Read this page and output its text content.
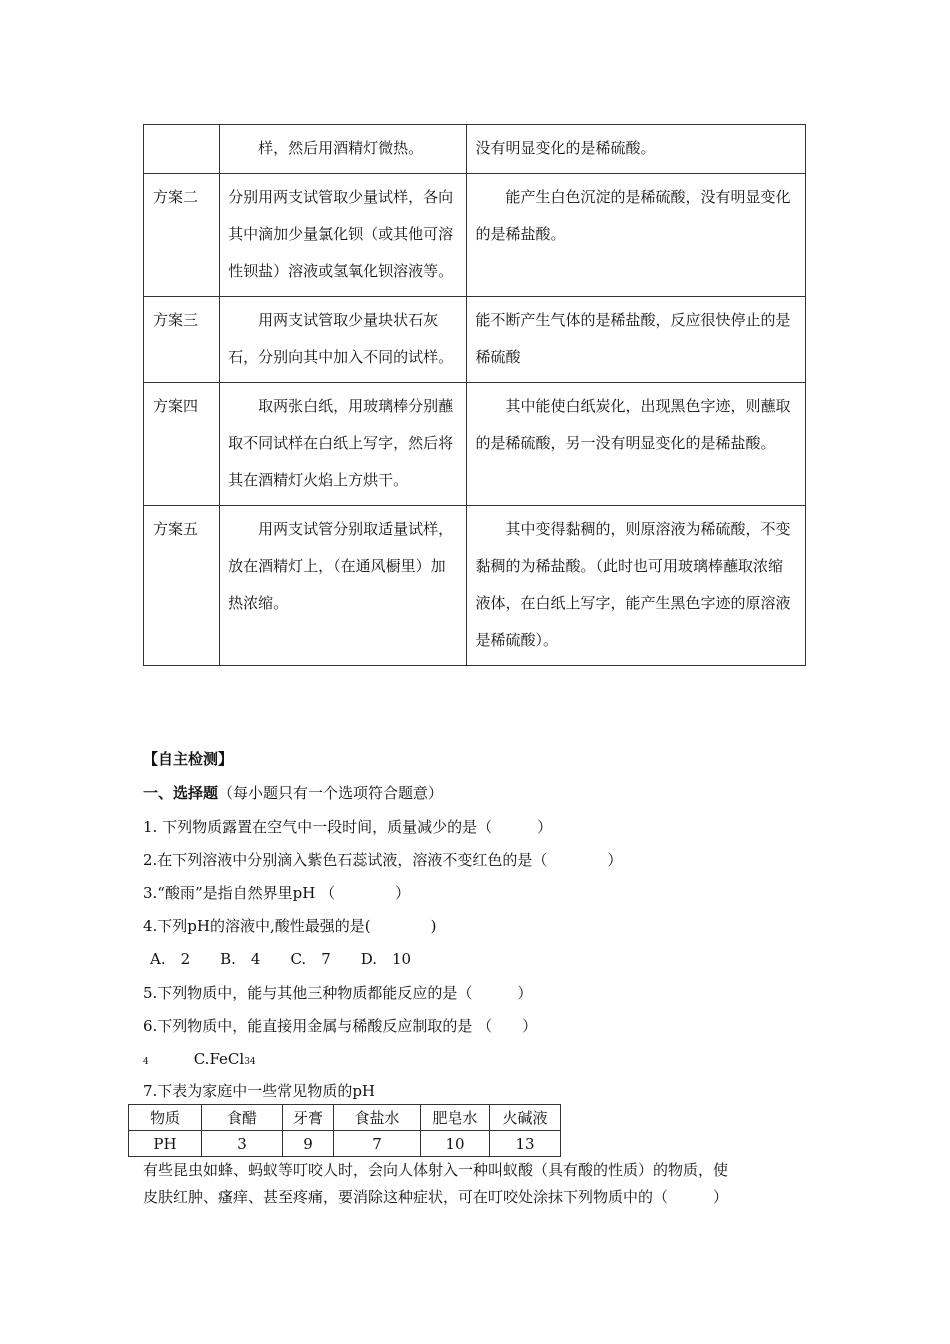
	样，然后用酒精灯微热。	没有明显变化的是稀硫酸。
方案二	分别用两支试管取少量试样，各向其中滴加少量氯化钡（或其他可溶性钡盐）溶液或氢氧化钡溶液等。	能产生白色沉淀的是稀硫酸，没有明显变化的是稀盐酸。
方案三	用两支试管取少量块状石灰石，分别向其中加入不同的试样。	能不断产生气体的是稀盐酸，反应很快停止的是稀硫酸
方案四	取两张白纸，用玻璃棒分别蘸取不同试样在白纸上写字，然后将其在酒精灯火焰上方烘干。	其中能使白纸炭化，出现黑色字迹，则蘸取的是稀硫酸，另一没有明显变化的是稀盐酸。
方案五	用两支试管分别取适量试样，放在酒精灯上，（在通风橱里）加热浓缩。	其中变得黏稠的，则原溶液为稀硫酸，不变黏稠的为稀盐酸。（此时也可用玻璃棒蘸取浓缩液体，在白纸上写字，能产生黑色字迹的原溶液是稀硫酸）。
【自主检测】
一、选择题（每小题只有一个选项符合题意）
1. 下列物质露置在空气中一段时间，质量减少的是（　　　）
2.在下列溶液中分别滴入紫色石蕊试液，溶液不变红色的是（　　　　）
3.“酸雨”是指自然界里pH （　　　　）
4.下列pH的溶液中,酸性最强的是(　　　　)
A.　2　　B.　4　　C.　7　　D.　10
5.下列物质中，能与其他三种物质都能反应的是（　　　）
6.下列物质中，能直接用金属与稀酸反应制取的是 （　　）
4	C.FeCl34
7.下表为家庭中一些常见物质的pH
物质	食醋	牙膏	食盐水	肥皂水	火碱液
PH	3	9	7	10	13
有些昆虫如蜂、蚂蚁等叮咬人时，会向人体射入一种叫蚁酸（具有酸的性质）的物质，使
皮肤红肿、瘙痒、甚至疼痛，要消除这种症状，可在叮咬处涂抹下列物质中的（　　　）
